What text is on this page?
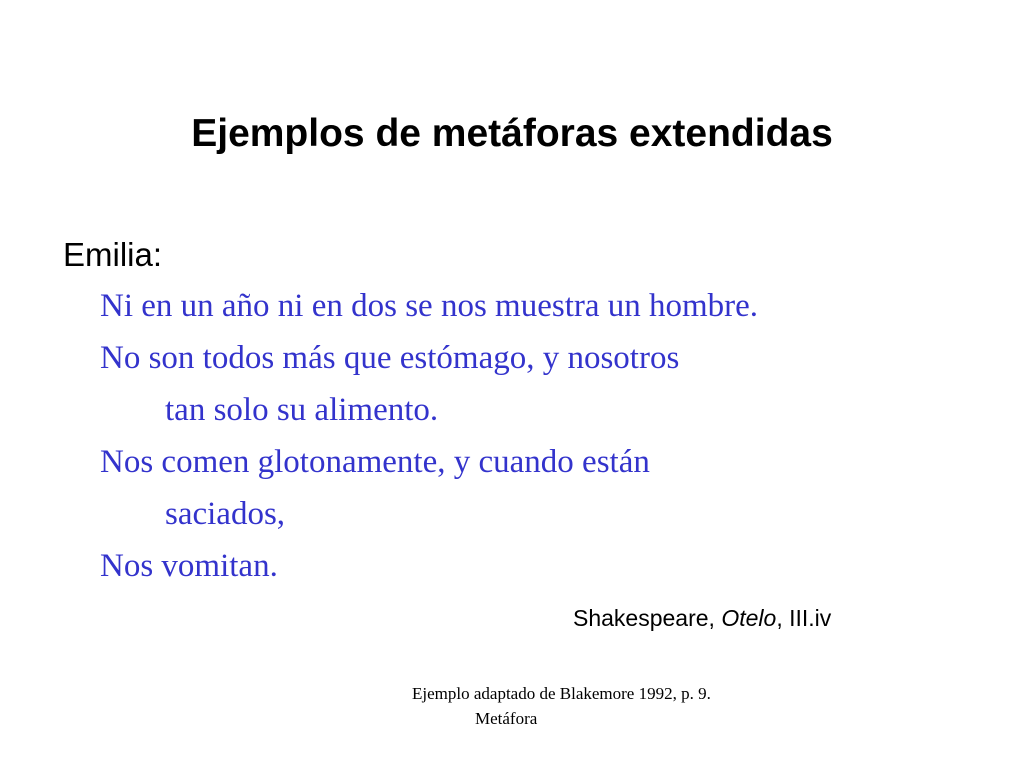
Ejemplos de metáforas extendidas
Emilia:
Ni en un año ni en dos se nos muestra un hombre.
No son todos más que estómago, y nosotros
tan solo su alimento.
Nos comen glotonamente, y cuando están
saciados,
Nos vomitan.
Shakespeare, Otelo, III.iv
Ejemplo adaptado de Blakemore 1992, p. 9.
Metáfora
